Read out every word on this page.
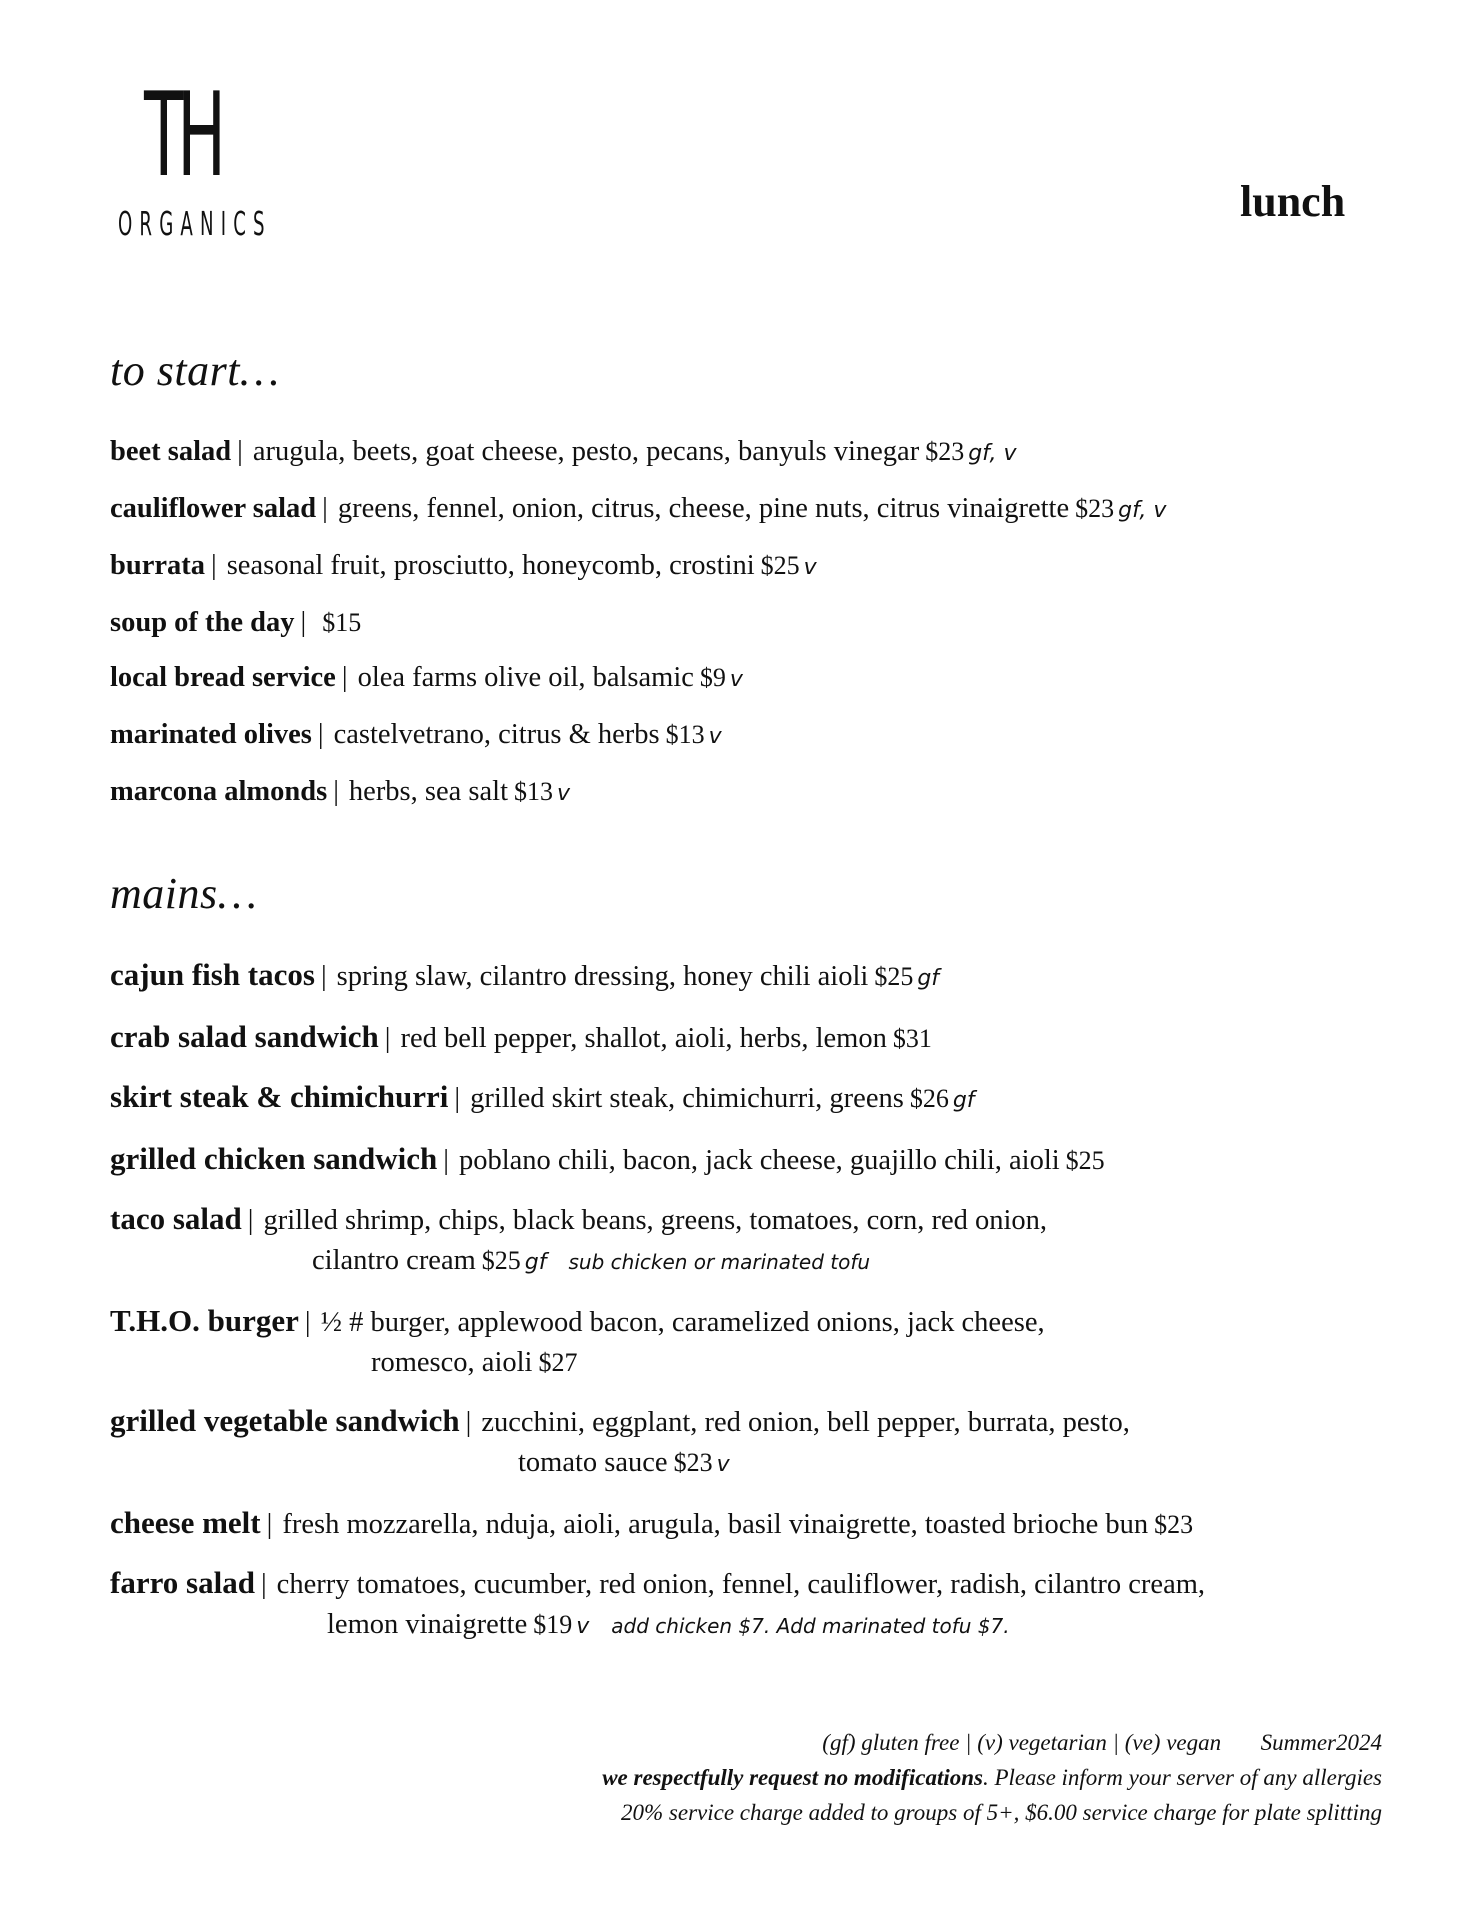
TH
ORGANICS	lunch
to start…
beet salad | arugula, beets, goat cheese, pesto, pecans, banyuls vinegar $23 gf, v
cauliflower salad | greens, fennel, onion, citrus, cheese, pine nuts, citrus vinaigrette $23 gf, v
burrata | seasonal fruit, prosciutto, honeycomb, crostini $25 v
soup of the day | $15
local bread service | olea farms olive oil, balsamic $9 v
marinated olives | castelvetrano, citrus & herbs $13 v
marcona almonds | herbs, sea salt $13 v
mains…
cajun fish tacos | spring slaw, cilantro dressing, honey chili aioli $25 gf
crab salad sandwich | red bell pepper, shallot, aioli, herbs, lemon $31
skirt steak & chimichurri | grilled skirt steak, chimichurri, greens $26 gf
grilled chicken sandwich | poblano chili, bacon, jack cheese, guajillo chili, aioli $25
taco salad | grilled shrimp, chips, black beans, greens, tomatoes, corn, red onion,
cilantro cream $25 gf sub chicken or marinated tofu
T.H.O. burger | ½ # burger, applewood bacon, caramelized onions, jack cheese,
romesco, aioli $27
grilled vegetable sandwich | zucchini, eggplant, red onion, bell pepper, burrata, pesto,
tomato sauce $23 v
cheese melt | fresh mozzarella, nduja, aioli, arugula, basil vinaigrette, toasted brioche bun $23
farro salad | cherry tomatoes, cucumber, red onion, fennel, cauliflower, radish, cilantro cream,
lemon vinaigrette $19 v add chicken $7. Add marinated tofu $7.
(gf) gluten free | (v) vegetarian | (ve) vegan Summer2024
we respectfully request no modifications. Please inform your server of any allergies
20% service charge added to groups of 5+, $6.00 service charge for plate splitting
